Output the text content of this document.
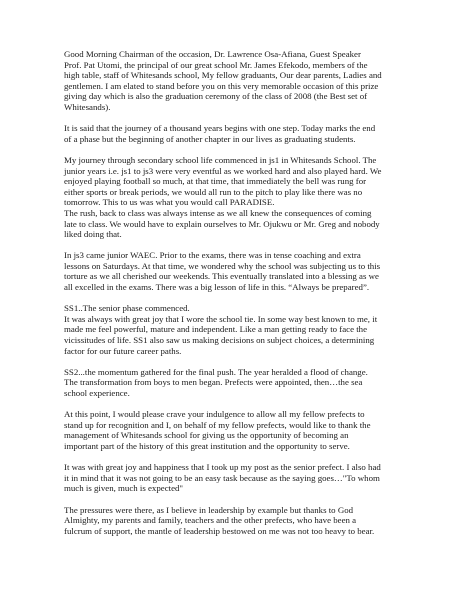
Good Morning Chairman of the occasion, Dr. Lawrence Osa-Afiana, Guest Speaker
Prof. Pat Utomi, the principal of our great school Mr. James Efekodo, members of the
high table, staff of Whitesands school, My fellow graduants, Our dear parents, Ladies and
gentlemen. I am elated to stand before you on this very memorable occasion of this prize
giving day which is also the graduation ceremony of the class of 2008 (the Best set of
Whitesands).

It is said that the journey of a thousand years begins with one step. Today marks the end
of a phase but the beginning of another chapter in our lives as graduating students.

My journey through secondary school life commenced in js1 in Whitesands School. The
junior years i.e. js1 to js3 were very eventful as we worked hard and also played hard. We
enjoyed playing football so much, at that time, that immediately the bell was rung for
either sports or break periods, we would all run to the pitch to play like there was no
tomorrow. This to us was what you would call PARADISE.

The rush, back to class was always intense as we all knew the consequences of coming
late to class. We would have to explain ourselves to Mr. Ojukwu or Mr. Greg and nobody
liked doing that.

In js3 came junior WAEC. Prior to the exams, there was in tense coaching and extra
lessons on Saturdays. At that time, we wondered why the school was subjecting us to this
torture as we all cherished our weekends. This eventually translated into a blessing as we
all excelled in the exams. There was a big lesson of life in this. “Always be prepared”.

SS1..The senior phase commenced.

It was always with great joy that I wore the school tie. In some way best known to me, it
made me feel powerful, mature and independent. Like a man getting ready to face the
vicissitudes of life. SS1 also saw us making decisions on subject choices, a determining
factor for our future career paths.

SS2...the momentum gathered for the final push. The year heralded a flood of change.
The transformation from boys to men began. Prefects were appointed, then…the sea
school experience.

At this point, I would please crave your indulgence to allow all my fellow prefects to
stand up for recognition and I, on behalf of my fellow prefects, would like to thank the
management of Whitesands school for giving us the opportunity of becoming an
important part of the history of this great institution and the opportunity to serve.

It was with great joy and happiness that I took up my post as the senior prefect. I also had
it in mind that it was not going to be an easy task because as the saying goes…"To whom
much is given, much is expected"

The pressures were there, as I believe in leadership by example but thanks to God
Almighty, my parents and family, teachers and the other prefects, who have been a
fulcrum of support, the mantle of leadership bestowed on me was not too heavy to bear.
